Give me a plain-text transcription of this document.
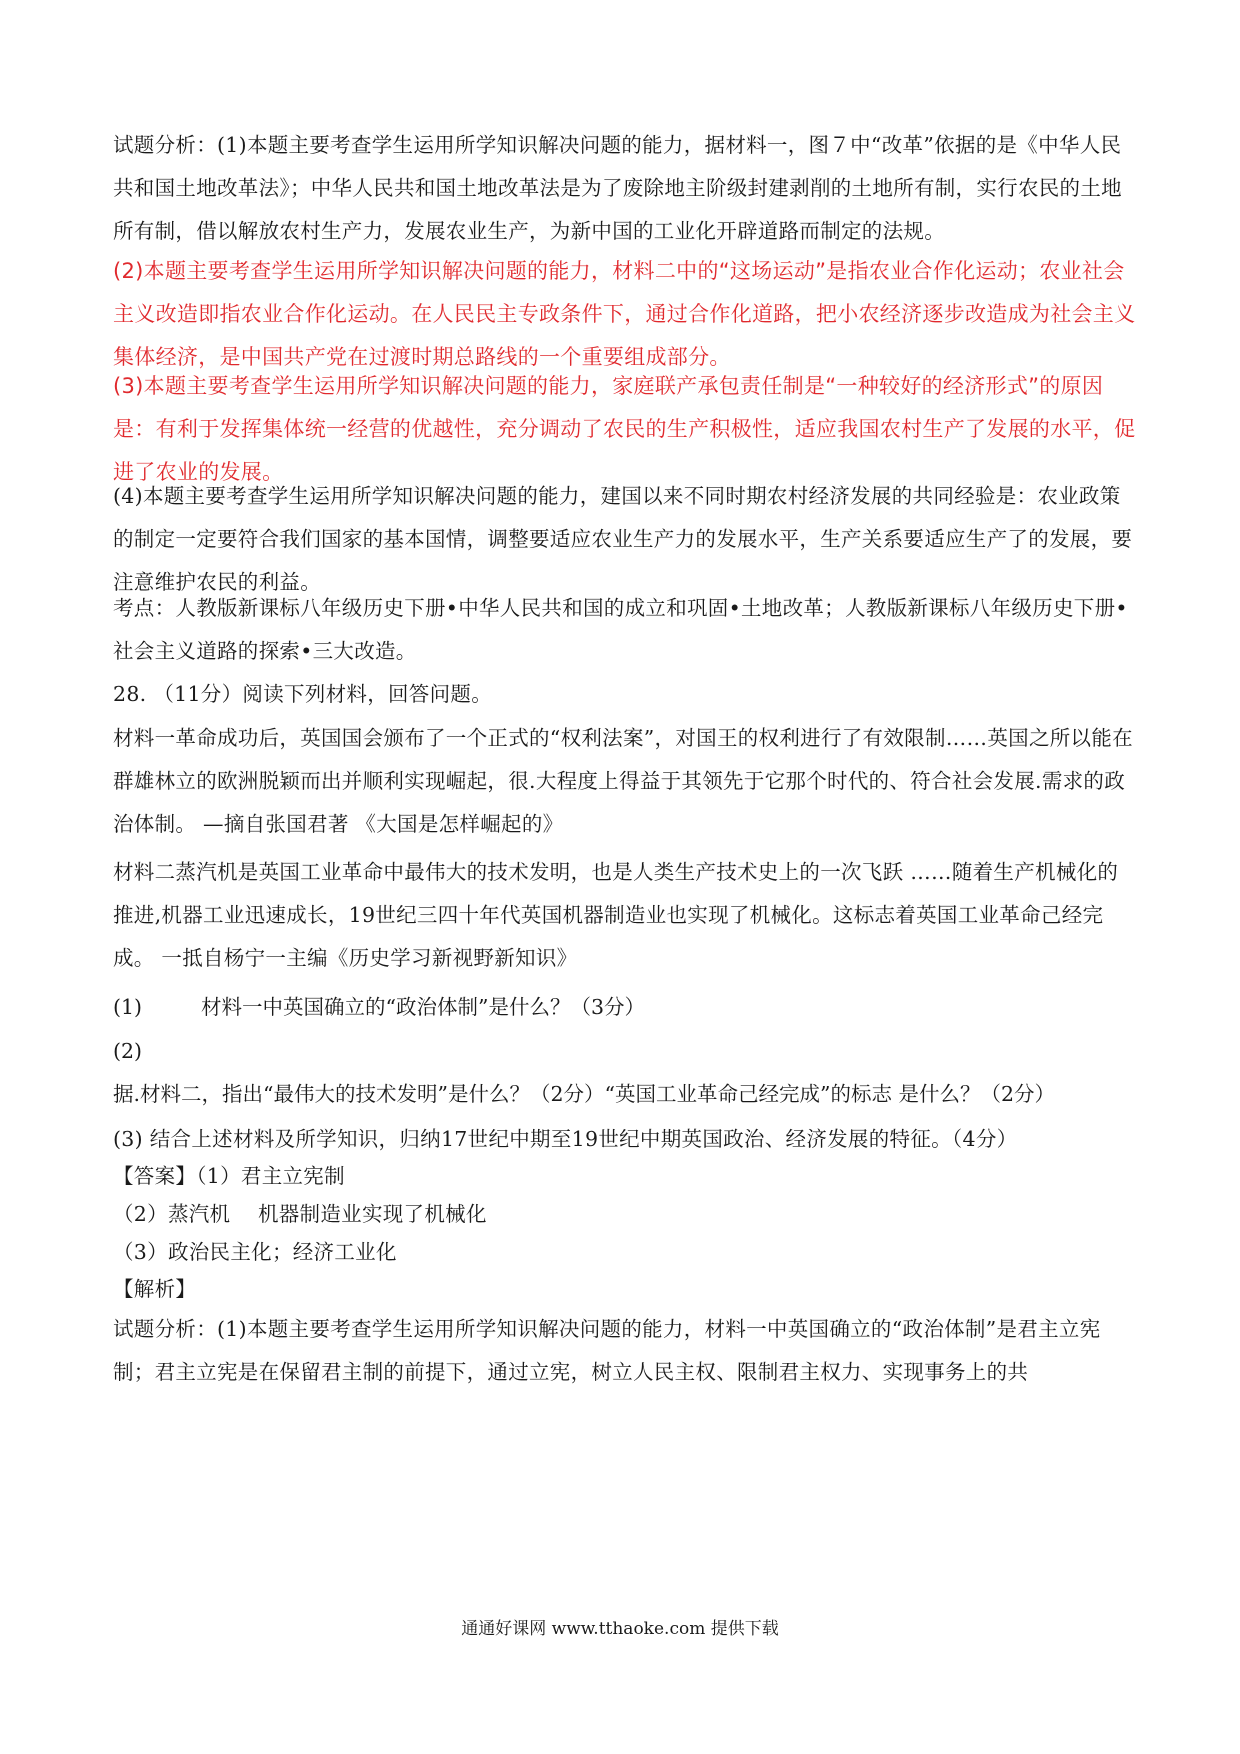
试题分析：(1)本题主要考查学生运用所学知识解决问题的能力，据材料一，图７中“改革”依据的是《中华人民共和国土地改革法》；中华人民共和国土地改革法是为了废除地主阶级封建剥削的土地所有制，实行农民的土地所有制，借以解放农村生产力，发展农业生产，为新中国的工业化开辟道路而制定的法规。

(2)本题主要考查学生运用所学知识解决问题的能力，材料二中的“这场运动”是指农业合作化运动；农业社会主义改造即指农业合作化运动。在人民民主专政条件下，通过合作化道路，把小农经济逐步改造成为社会主义集体经济，是中国共产党在过渡时期总路线的一个重要组成部分。

(3)本题主要考查学生运用所学知识解决问题的能力，家庭联产承包责任制是“一种较好的经济形式”的原因是：有利于发挥集体统一经营的优越性，充分调动了农民的生产积极性，适应我国农村生产了发展的水平，促进了农业的发展。

(4)本题主要考查学生运用所学知识解决问题的能力，建国以来不同时期农村经济发展的共同经验是：农业政策的制定一定要符合我们国家的基本国情，调整要适应农业生产力的发展水平，生产关系要适应生产了的发展，要注意维护农民的利益。

考点：人教版新课标八年级历史下册•中华人民共和国的成立和巩固•土地改革；人教版新课标八年级历史下册•社会主义道路的探索•三大改造。

28. （11分）阅读下列材料，回答问题。

材料一革命成功后，英国国会颁布了一个正式的“权利法案”，对国王的权利进行了有效限制……英国之所以能在群雄林立的欧洲脱颖而出并顺利实现崛起，很.大程度上得益于其领先于它那个时代的、符合社会发展.需求的政治体制。 —摘自张国君著 《大国是怎样崛起的》

材料二蒸汽机是英国工业革命中最伟大的技术发明，也是人类生产技术史上的一次飞跃 ……随着生产机械化的推进,机器工业迅速成长，19世纪三四十年代英国机器制造业也实现了机械化。这标志着英国工业革命己经完成。 一抵自杨宁一主编《历史学习新视野新知识》

(1)	材料一中英国确立的“政治体制”是什么？（3分）

(2)据.材料二，指出“最伟大的技术发明”是什么？（2分）“英国工业革命己经完成”的标志 是什么？（2分）

(3) 结合上述材料及所学知识，归纳17世纪中期至19世纪中期英国政治、经济发展的特征。（4分）

【答案】（1）君主立宪制

（2）蒸汽机　 机器制造业实现了机械化

（3）政治民主化；经济工业化

【解析】

试题分析：(1)本题主要考查学生运用所学知识解决问题的能力，材料一中英国确立的“政治体制”是君主立宪制；君主立宪是在保留君主制的前提下，通过立宪，树立人民主权、限制君主权力、实现事务上的共

通通好课网 www.tthaoke.com 提供下载
